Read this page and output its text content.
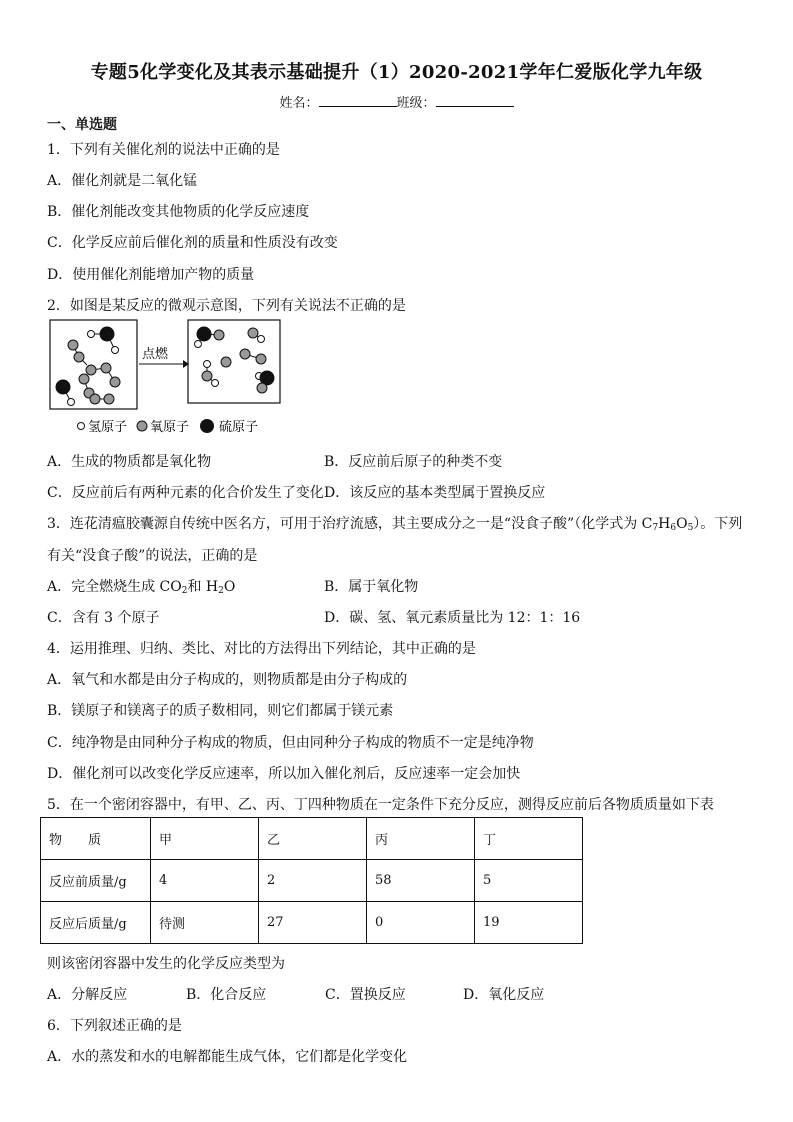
专题5化学变化及其表示基础提升（1）2020-2021学年仁爱版化学九年级
姓名：	班级：
一、单选题
1．下列有关催化剂的说法中正确的是
A．催化剂就是二氧化锰
B．催化剂能改变其他物质的化学反应速度
C．化学反应前后催化剂的质量和性质没有改变
D．使用催化剂能增加产物的质量
2．如图是某反应的微观示意图，下列有关说法不正确的是
点燃
氢原子 氧原子 硫原子
A．生成的物质都是氧化物	B．反应前后原子的种类不变
C．反应前后有两种元素的化合价发生了变化 D．该反应的基本类型属于置换反应
3．连花清瘟胶囊源自传统中医名方，可用于治疗流感，其主要成分之一是“没食子酸”（化学式为 $C_7H_6O_5$）。下列
有关“没食子酸”的说法，正确的是
A．完全燃烧生成 $CO_2$和 $H_2O$	B．属于氧化物
C．含有 3 个原子	D．碳、氢、氧元素质量比为 12：1：16
4．运用推理、归纳、类比、对比的方法得出下列结论，其中正确的是
A．氧气和水都是由分子构成的，则物质都是由分子构成的
B．镁原子和镁离子的质子数相同，则它们都属于镁元素
C．纯净物是由同种分子构成的物质，但由同种分子构成的物质不一定是纯净物
D．催化剂可以改变化学反应速率，所以加入催化剂后，反应速率一定会加快
5．在一个密闭容器中，有甲、乙、丙、丁四种物质在一定条件下充分反应，测得反应前后各物质质量如下表
物　　质	甲	乙	丙	丁
反应前质量/g	4	2	58	5
反应后质量/g	待测	27	0	19
则该密闭容器中发生的化学反应类型为
A．分解反应	B．化合反应	C．置换反应	D．氧化反应
6．下列叙述正确的是
A．水的蒸发和水的电解都能生成气体，它们都是化学变化
